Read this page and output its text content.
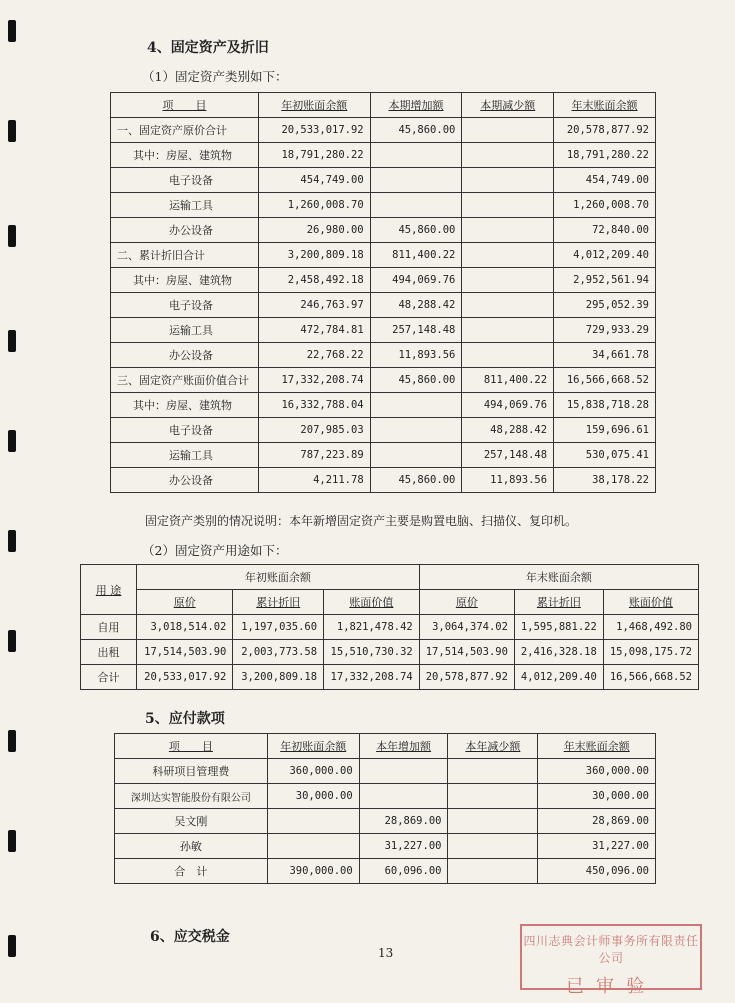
4、固定资产及折旧
（1）固定资产类别如下：
项　　目	年初账面余额	本期增加额	本期减少额	年末账面余额
一、固定资产原价合计	20,533,017.92	45,860.00		20,578,877.92
其中：房屋、建筑物	18,791,280.22			18,791,280.22
电子设备	454,749.00			454,749.00
运输工具	1,260,008.70			1,260,008.70
办公设备	26,980.00	45,860.00		72,840.00
二、累计折旧合计	3,200,809.18	811,400.22		4,012,209.40
其中：房屋、建筑物	2,458,492.18	494,069.76		2,952,561.94
电子设备	246,763.97	48,288.42		295,052.39
运输工具	472,784.81	257,148.48		729,933.29
办公设备	22,768.22	11,893.56		34,661.78
三、固定资产账面价值合计	17,332,208.74	45,860.00	811,400.22	16,566,668.52
其中：房屋、建筑物	16,332,788.04		494,069.76	15,838,718.28
电子设备	207,985.03		48,288.42	159,696.61
运输工具	787,223.89		257,148.48	530,075.41
办公设备	4,211.78	45,860.00	11,893.56	38,178.22
固定资产类别的情况说明：本年新增固定资产主要是购置电脑、扫描仪、复印机。
（2）固定资产用途如下：
用 途	年初账面余额			年末账面余额		
	原价	累计折旧	账面价值	原价	累计折旧	账面价值
自用	3,018,514.02	1,197,035.60	1,821,478.42	3,064,374.02	1,595,881.22	1,468,492.80
出租	17,514,503.90	2,003,773.58	15,510,730.32	17,514,503.90	2,416,328.18	15,098,175.72
合计	20,533,017.92	3,200,809.18	17,332,208.74	20,578,877.92	4,012,209.40	16,566,668.52
5、应付款项
项　　目	年初账面余额	本年增加额	本年减少额	年末账面余额
科研项目管理费	360,000.00			360,000.00
深圳达实智能股份有限公司	30,000.00			30,000.00
吴文刚		28,869.00		28,869.00
孙敏		31,227.00		31,227.00
合　计	390,000.00	60,096.00		450,096.00
6、应交税金
13
四川志典会计师事务所有限责任公司
已审验
